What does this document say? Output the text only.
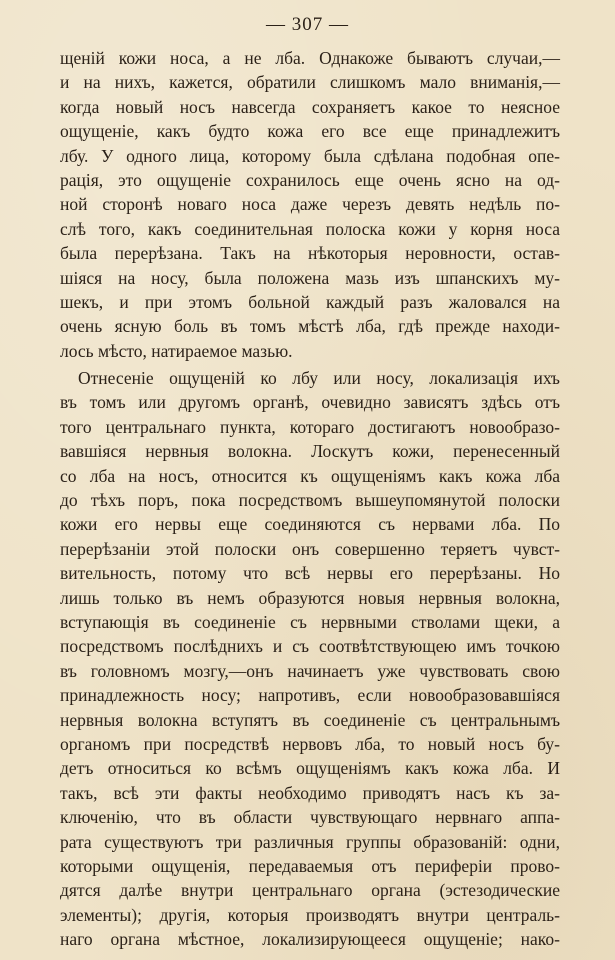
— 307 —

щеній кожи носа, а не лба. Однакоже бываютъ случаи,—
и на нихъ, кажется, обратили слишкомъ мало вниманія,—
когда новый носъ навсегда сохраняетъ какое то неясное
ощущеніе, какъ будто кожа его все еще принадлежитъ
лбу. У одного лица, которому была сдѣлана подобная опе-
рація, это ощущеніе сохранилось еще очень ясно на од-
ной сторонѣ новаго носа даже черезъ девять недѣль по-
слѣ того, какъ соединительная полоска кожи у корня носа
была перерѣзана. Такъ на нѣкоторыя неровности, остав-
шіяся на носу, была положена мазь изъ шпанскихъ му-
шекъ, и при этомъ больной каждый разъ жаловался на
очень ясную боль въ томъ мѣстѣ лба, гдѣ прежде находи-
лось мѣсто, натираемое мазью.

Отнесеніе ощущеній ко лбу или носу, локализація ихъ
въ томъ или другомъ органѣ, очевидно зависятъ здѣсь отъ
того центральнаго пункта, котораго достигаютъ новообразо-
вавшіяся нервныя волокна. Лоскутъ кожи, перенесенный
со лба на носъ, относится къ ощущеніямъ какъ кожа лба
до тѣхъ поръ, пока посредствомъ вышеупомянутой полоски
кожи его нервы еще соединяются съ нервами лба. По
перерѣзаніи этой полоски онъ совершенно теряетъ чувст-
вительность, потому что всѣ нервы его перерѣзаны. Но
лишь только въ немъ образуются новыя нервныя волокна,
вступающія въ соединеніе съ нервными стволами щеки, а
посредствомъ послѣднихъ и съ соотвѣтствующею имъ точкою
въ головномъ мозгу,—онъ начинаетъ уже чувствовать свою
принадлежность носу; напротивъ, если новообразовавшіяся
нервныя волокна вступятъ въ соединеніе съ центральнымъ
органомъ при посредствѣ нервовъ лба, то новый носъ бу-
детъ относиться ко всѣмъ ощущеніямъ какъ кожа лба. И
такъ, всѣ эти факты необходимо приводятъ насъ къ за-
ключенію, что въ области чувствующаго нервнаго аппа-
рата существуютъ три различныя группы образованій: одни,
которыми ощущенія, передаваемыя отъ периферіи прово-
дятся далѣе внутри центральнаго органа (эстезодические
элементы); другія, которыя производятъ внутри централь-
наго органа мѣстное, локализирующееся ощущеніе; нако-
